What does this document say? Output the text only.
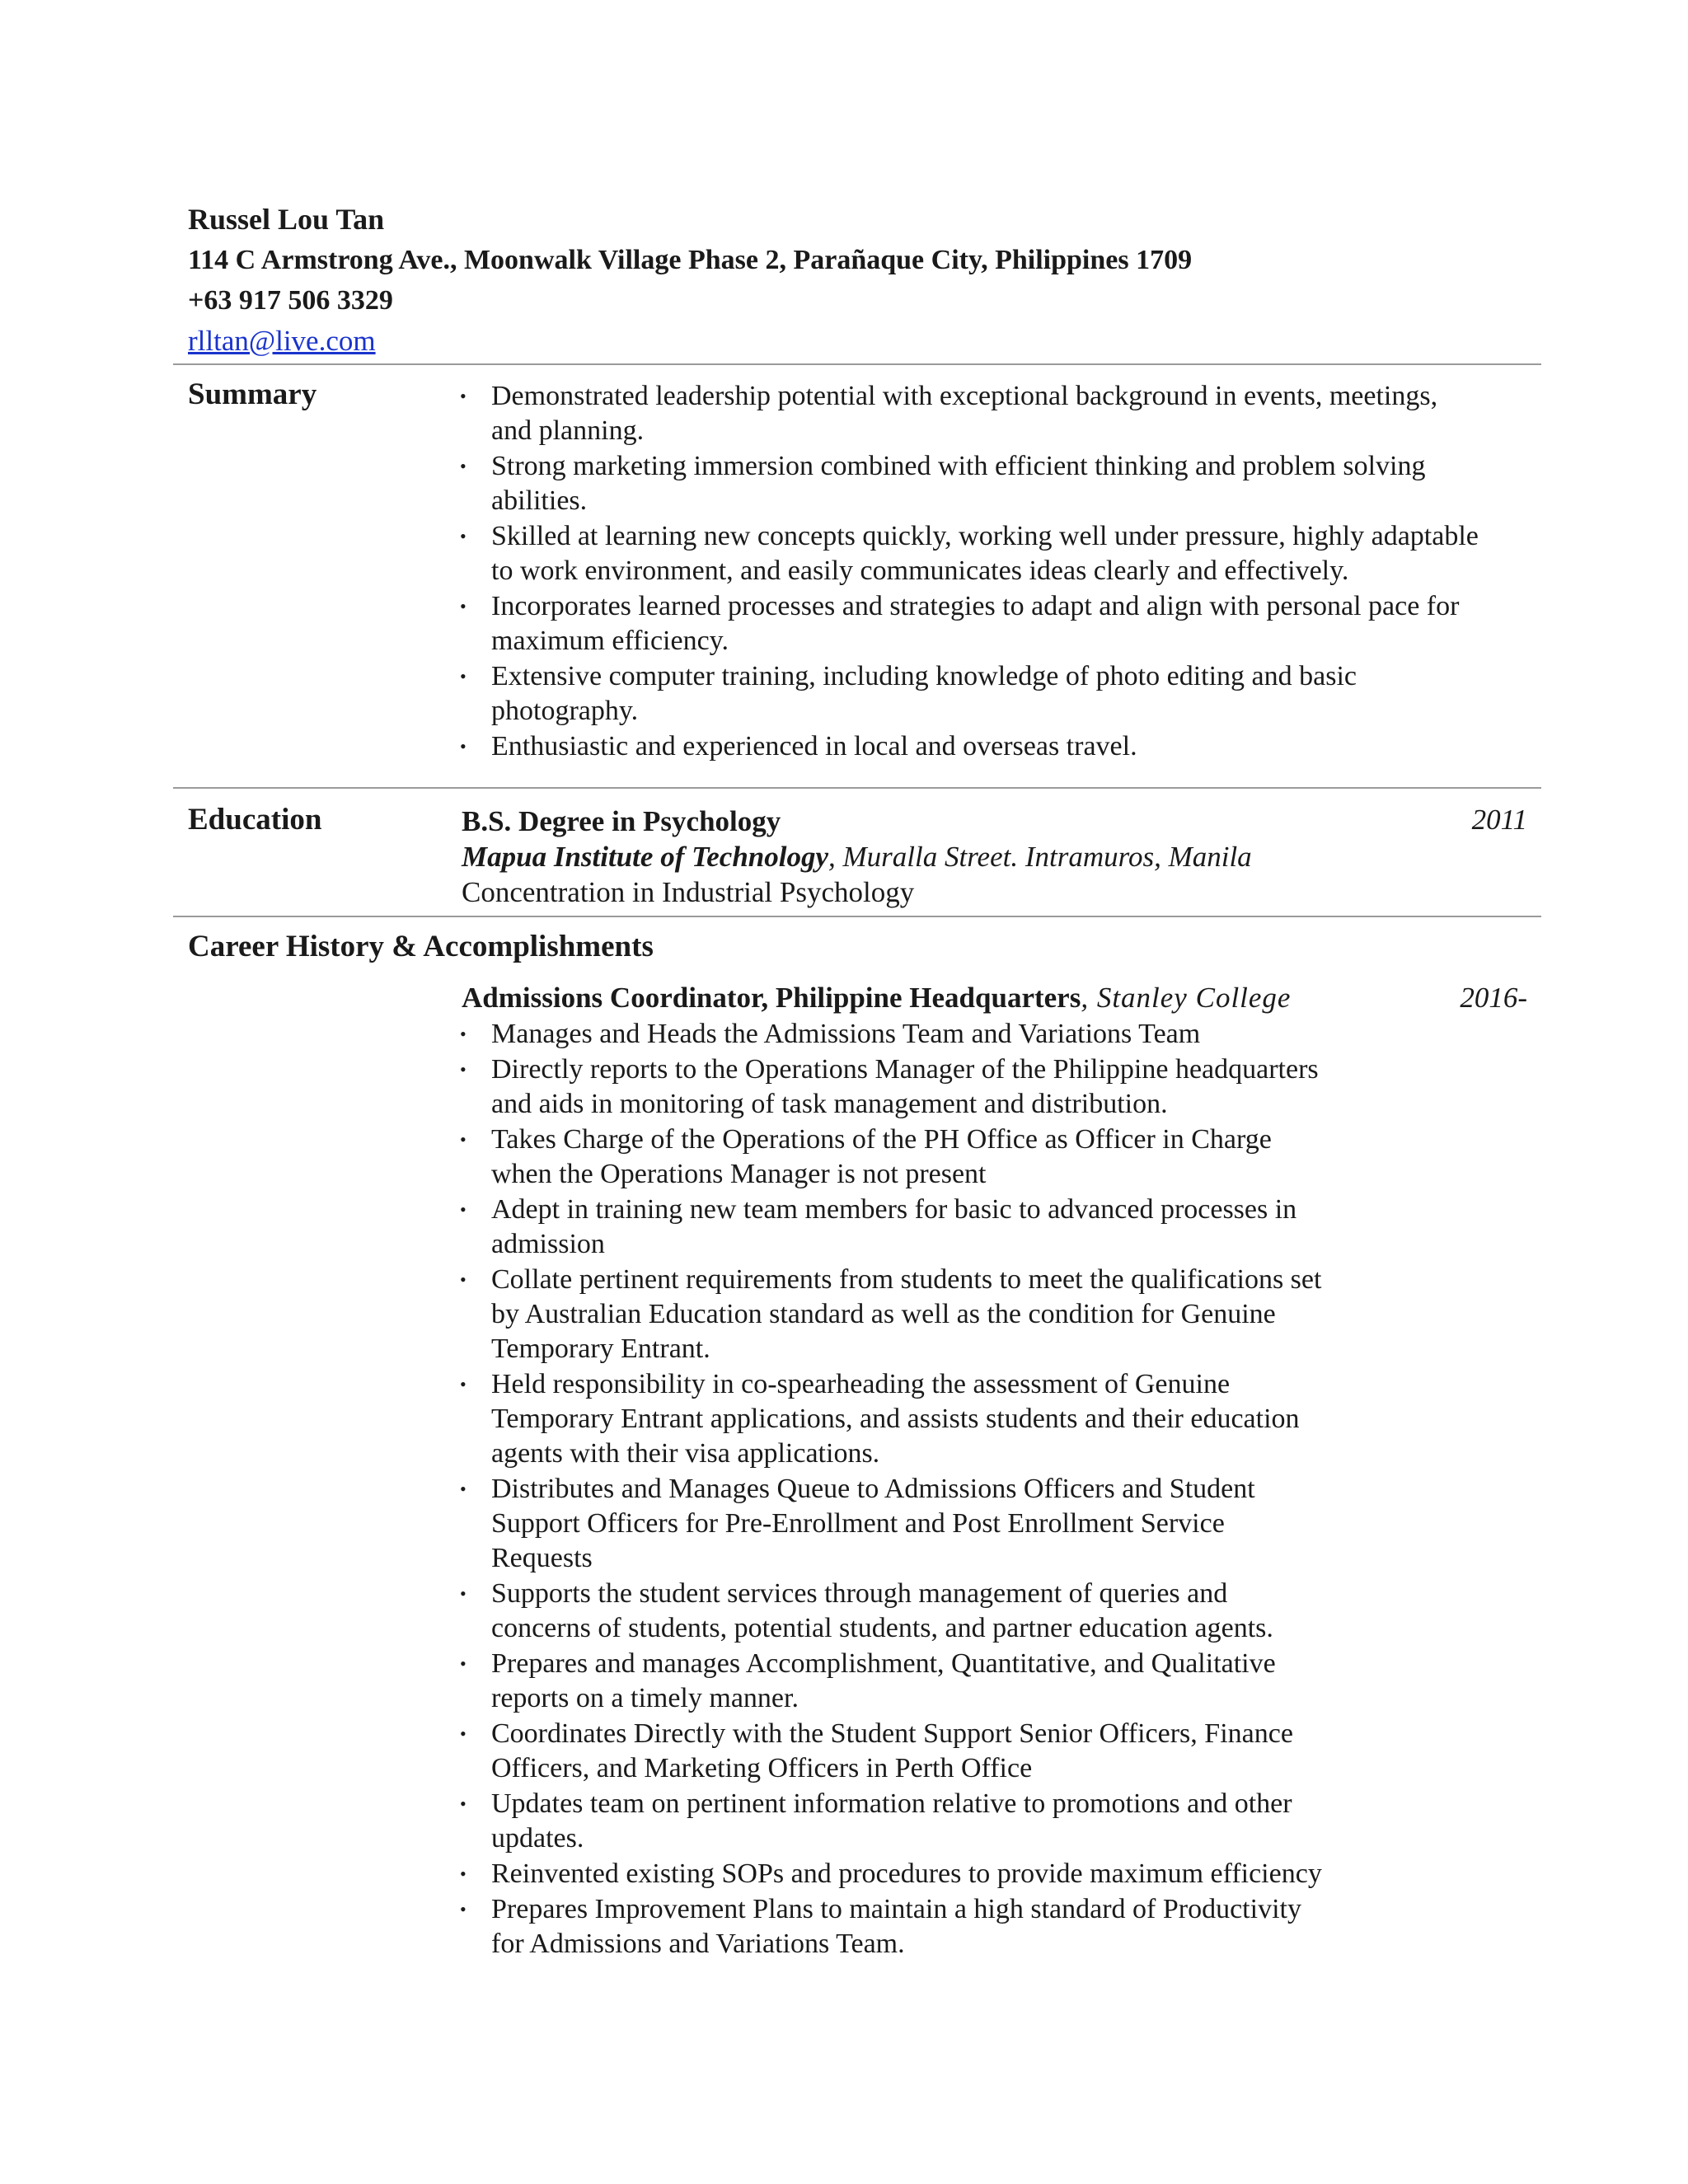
Russel Lou Tan
114 C Armstrong Ave., Moonwalk Village Phase 2, Parañaque City, Philippines 1709
+63 917 506 3329
rlltan@live.com
Summary
•	Demonstrated leadership potential with exceptional background in events, meetings,
and planning.
• Strong marketing immersion combined with efficient thinking and problem solving
abilities.
• Skilled at learning new concepts quickly, working well under pressure, highly adaptable
to work environment, and easily communicates ideas clearly and effectively.
• Incorporates learned processes and strategies to adapt and align with personal pace for
maximum efficiency.
• Extensive computer training, including knowledge of photo editing and basic
photography.
• Enthusiastic and experienced in local and overseas travel.
Education	B.S. Degree in Psychology
Mapua Institute of Technology, Muralla Street. Intramuros, Manila
Concentration in Industrial Psychology
2011
Career History & Accomplishments
Admissions Coordinator, Philippine Headquarters, Stanley College	2016-
• Manages and Heads the Admissions Team and Variations Team
• Directly reports to the Operations Manager of the Philippine headquarters
and aids in monitoring of task management and distribution.
• Takes Charge of the Operations of the PH Office as Officer in Charge
when the Operations Manager is not present
• Adept in training new team members for basic to advanced processes in
admission
• Collate pertinent requirements from students to meet the qualifications set
by Australian Education standard as well as the condition for Genuine
Temporary Entrant.
• Held responsibility in co-spearheading the assessment of Genuine
Temporary Entrant applications, and assists students and their education
agents with their visa applications.
• Distributes and Manages Queue to Admissions Officers and Student
Support Officers for Pre-Enrollment and Post Enrollment Service
Requests
• Supports the student services through management of queries and
concerns of students, potential students, and partner education agents.
• Prepares and manages Accomplishment, Quantitative, and Qualitative
reports on a timely manner.
• Coordinates Directly with the Student Support Senior Officers, Finance
Officers, and Marketing Officers in Perth Office
• Updates team on pertinent information relative to promotions and other
updates.
• Reinvented existing SOPs and procedures to provide maximum efficiency
• Prepares Improvement Plans to maintain a high standard of Productivity
for Admissions and Variations Team.
